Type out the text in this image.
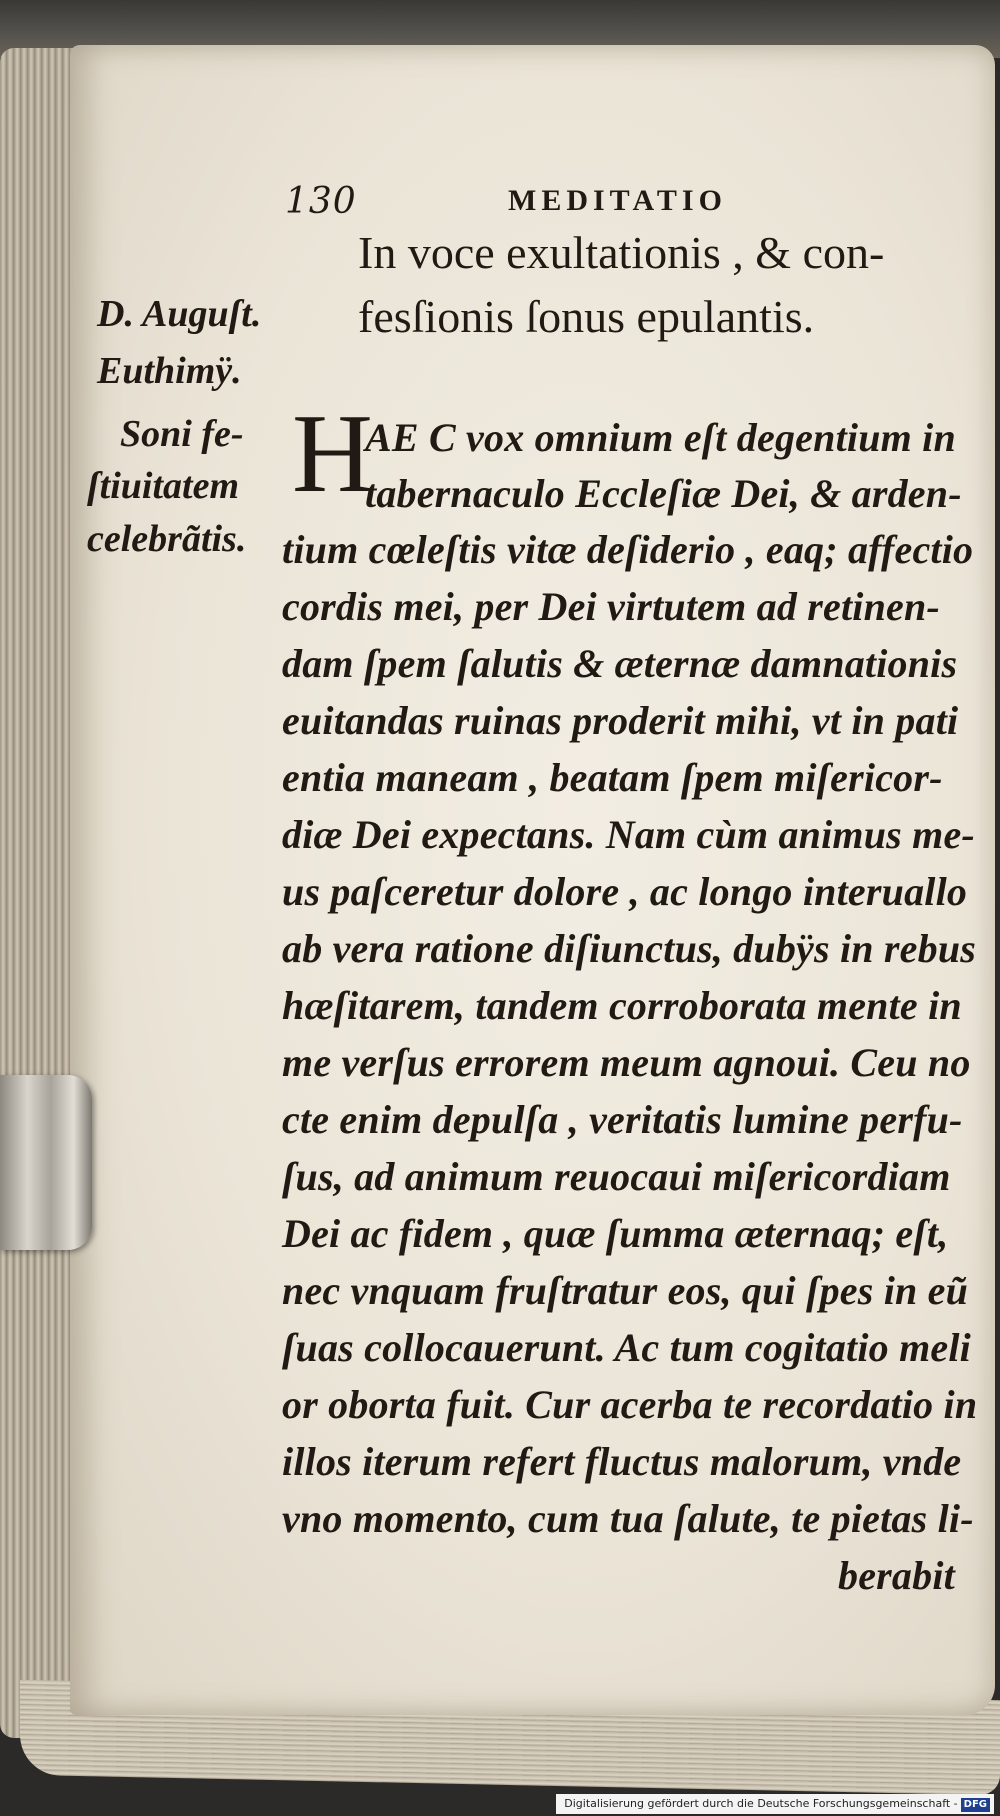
130	MEDITATIO

In voce exultationis , & con-

fesſionis ſonus epulantis.

D. Auguſt.

Euthimÿ.

Soni fe-

ſtiuitatem

celebrãtis.

H

AE C vox omnium eſt degentium in

tabernaculo Eccleſiæ Dei, & arden-

tium cœleſtis vitæ deſiderio , eaq; affectio

cordis mei, per Dei virtutem ad retinen-

dam ſpem ſalutis & æternæ damnationis

euitandas ruinas proderit mihi, vt in pati

entia maneam , beatam ſpem miſericor-

diæ Dei expectans. Nam cùm animus me-

us paſceretur dolore , ac longo interuallo

ab vera ratione diſiunctus, dubÿs in rebus

hæſitarem, tandem corroborata mente in

me verſus errorem meum agnoui. Ceu no

cte enim depulſa , veritatis lumine perfu-

ſus, ad animum reuocaui miſericordiam

Dei ac fidem , quæ ſumma æternaq; eſt,

nec vnquam fruſtratur eos, qui ſpes in eũ

ſuas collocauerunt. Ac tum cogitatio meli

or oborta fuit. Cur acerba te recordatio in

illos iterum refert fluctus malorum, vnde

vno momento, cum tua ſalute, te pietas li-

berabit

Digitalisierung gefördert durch die Deutsche Forschungsgemeinschaft - DFG
